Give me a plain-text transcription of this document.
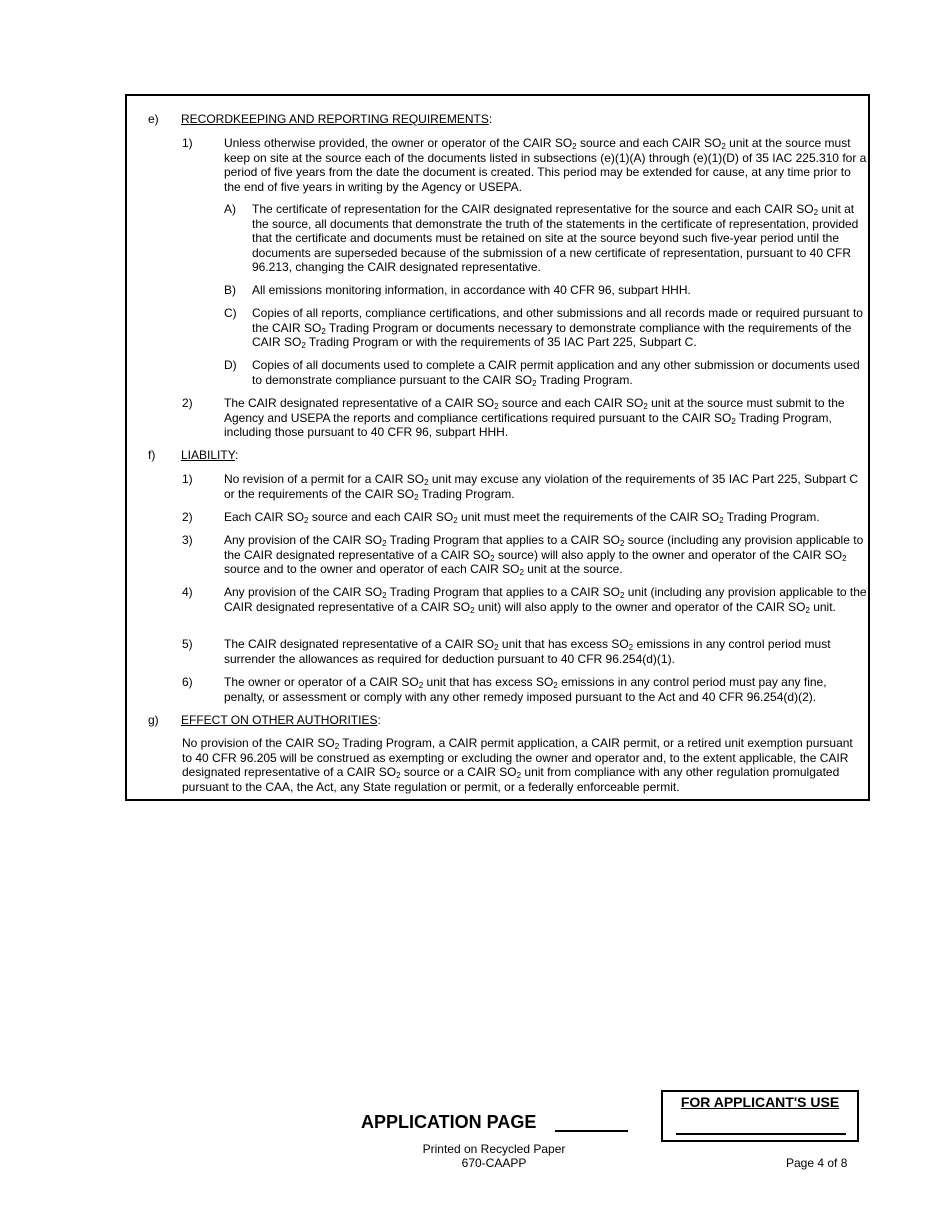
e) RECORDKEEPING AND REPORTING REQUIREMENTS:
1)	Unless otherwise provided, the owner or operator of the CAIR $SO_2$ source and each CAIR $SO_2$ unit at the source must keep on site at the source each of the documents listed in subsections (e)(1)(A) through (e)(1)(D) of 35 IAC 225.310 for a period of five years from the date the document is created. This period may be extended for cause, at any time prior to the end of five years in writing by the Agency or USEPA.
A) The certificate of representation for the CAIR designated representative for the source and each CAIR $SO_2$ unit at the source, all documents that demonstrate the truth of the statements in the certificate of representation, provided that the certificate and documents must be retained on site at the source beyond such five-year period until the documents are superseded because of the submission of a new certificate of representation, pursuant to 40 CFR 96.213, changing the CAIR designated representative.
B) All emissions monitoring information, in accordance with 40 CFR 96, subpart HHH.
C) Copies of all reports, compliance certifications, and other submissions and all records made or required pursuant to the CAIR $SO_2$ Trading Program or documents necessary to demonstrate compliance with the requirements of the CAIR $SO_2$ Trading Program or with the requirements of 35 IAC Part 225, Subpart C.
D) Copies of all documents used to complete a CAIR permit application and any other submission or documents used to demonstrate compliance pursuant to the CAIR $SO_2$ Trading Program.
2)	The CAIR designated representative of a CAIR $SO_2$ source and each CAIR $SO_2$ unit at the source must submit to the Agency and USEPA the reports and compliance certifications required pursuant to the CAIR $SO_2$ Trading Program, including those pursuant to 40 CFR 96, subpart HHH.
f) LIABILITY:
1)	No revision of a permit for a CAIR $SO_2$ unit may excuse any violation of the requirements of 35 IAC Part 225, Subpart C or the requirements of the CAIR $SO_2$ Trading Program.
2)	Each CAIR $SO_2$ source and each CAIR $SO_2$ unit must meet the requirements of the CAIR $SO_2$ Trading Program.
3)	Any provision of the CAIR $SO_2$ Trading Program that applies to a CAIR $SO_2$ source (including any provision applicable to the CAIR designated representative of a CAIR $SO_2$ source) will also apply to the owner and operator of the CAIR $SO_2$ source and to the owner and operator of each CAIR $SO_2$ unit at the source.
4)	Any provision of the CAIR $SO_2$ Trading Program that applies to a CAIR $SO_2$ unit (including any provision applicable to the CAIR designated representative of a CAIR $SO_2$ unit) will also apply to the owner and operator of the CAIR $SO_2$ unit.
5)	The CAIR designated representative of a CAIR $SO_2$ unit that has excess $SO_2$ emissions in any control period must surrender the allowances as required for deduction pursuant to 40 CFR 96.254(d)(1).
6)	The owner or operator of a CAIR $SO_2$ unit that has excess $SO_2$ emissions in any control period must pay any fine, penalty, or assessment or comply with any other remedy imposed pursuant to the Act and 40 CFR 96.254(d)(2).
g) EFFECT ON OTHER AUTHORITIES:
No provision of the CAIR $SO_2$ Trading Program, a CAIR permit application, a CAIR permit, or a retired unit exemption pursuant to 40 CFR 96.205 will be construed as exempting or excluding the owner and operator and, to the extent applicable, the CAIR designated representative of a CAIR $SO_2$ source or a CAIR $SO_2$ unit from compliance with any other regulation promulgated pursuant to the CAA, the Act, any State regulation or permit, or a federally enforceable permit.
APPLICATION PAGE
FOR APPLICANT'S USE
Printed on Recycled Paper
670-CAAPP	Page 4 of 8
